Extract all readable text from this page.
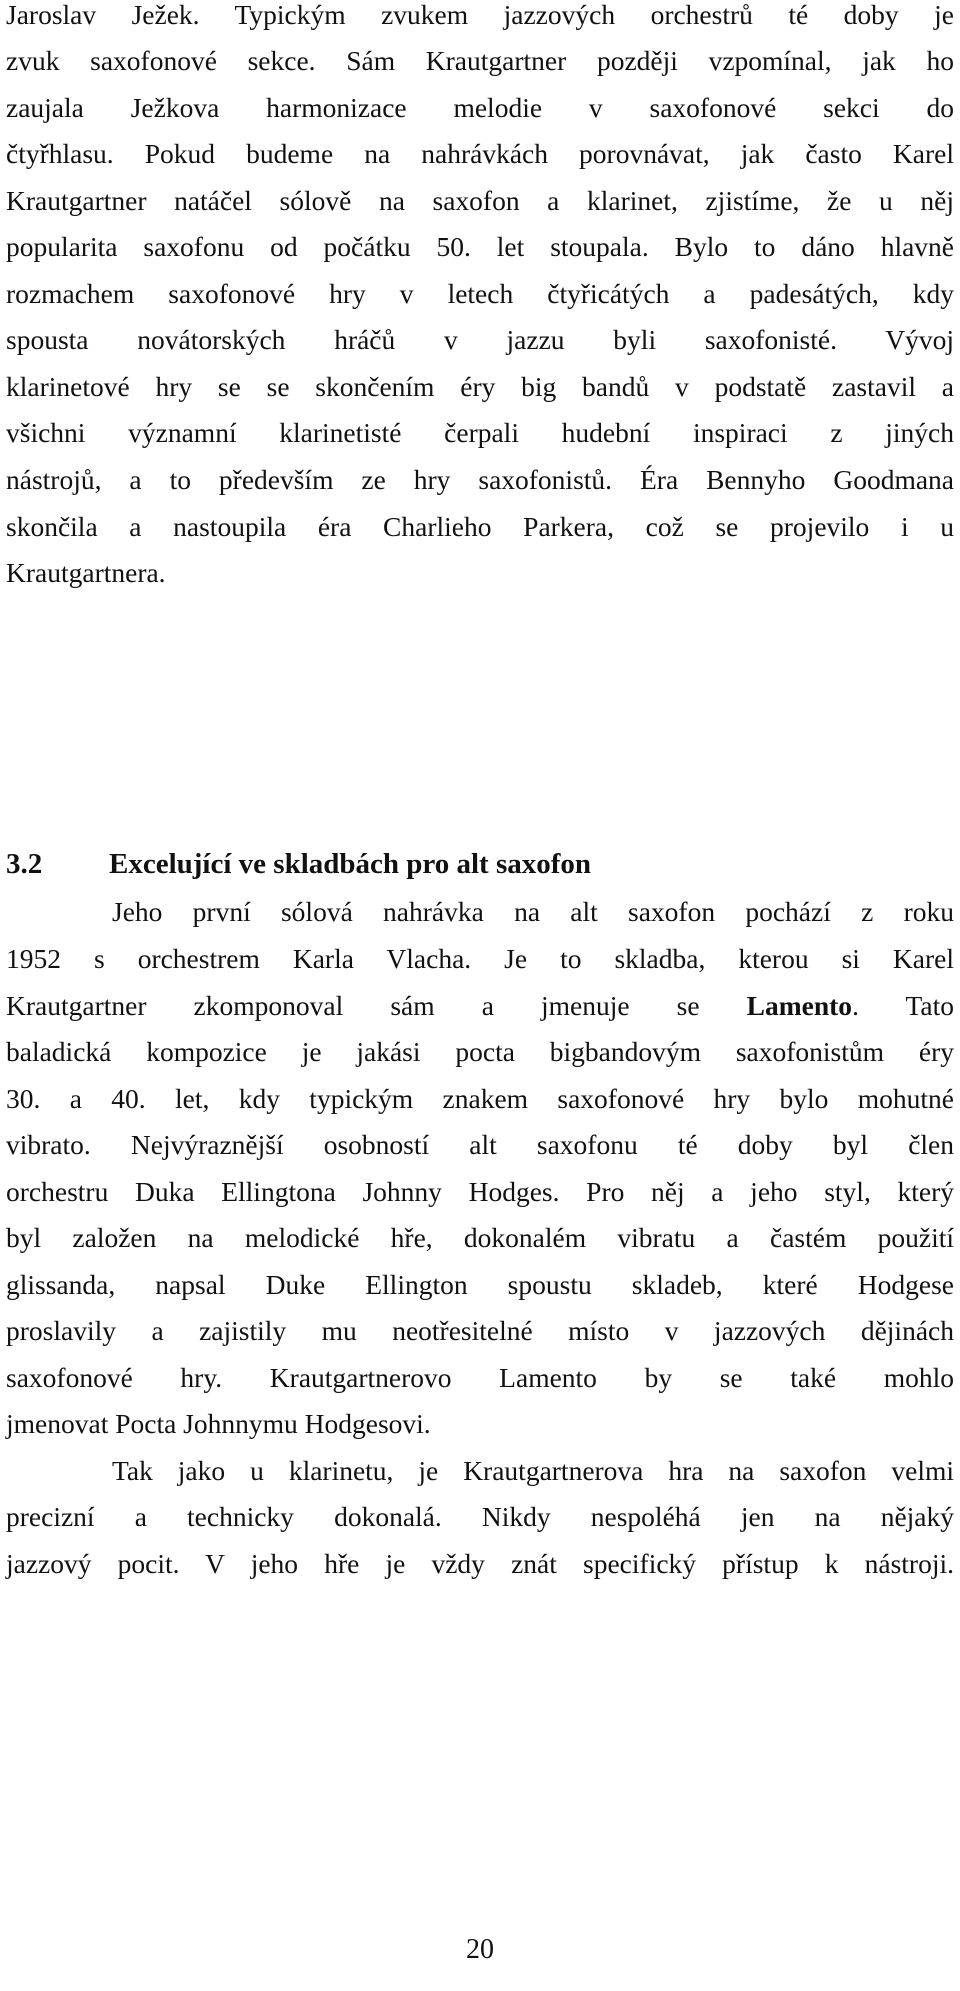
Jaroslav Ježek. Typickým zvukem jazzových orchestrů té doby je

zvuk saxofonové sekce. Sám Krautgartner později vzpomínal, jak ho

zaujala Ježkova harmonizace melodie v saxofonové sekci do

čtyřhlasu. Pokud budeme na nahrávkách porovnávat, jak často Karel

Krautgartner natáčel sólově na saxofon a klarinet, zjistíme, že u něj

popularita saxofonu od počátku 50. let stoupala. Bylo to dáno hlavně

rozmachem saxofonové hry v letech čtyřicátých a padesátých, kdy

spousta novátorských hráčů v jazzu byli saxofonisté. Vývoj

klarinetové hry se se skončením éry big bandů v podstatě zastavil a

všichni významní klarinetisté čerpali hudební inspiraci z jiných

nástrojů, a to především ze hry saxofonistů. Éra Bennyho Goodmana

skončila a nastoupila éra Charlieho Parkera, což se projevilo i u

Krautgartnera.

3.2 Excelující ve skladbách pro alt saxofon

Jeho první sólová nahrávka na alt saxofon pochází z roku

1952 s orchestrem Karla Vlacha. Je to skladba, kterou si Karel

Krautgartner zkomponoval sám a jmenuje se Lamento. Tato

baladická kompozice je jakási pocta bigbandovým saxofonistům éry

30. a 40. let, kdy typickým znakem saxofonové hry bylo mohutné

vibrato. Nejvýraznější osobností alt saxofonu té doby byl člen

orchestru Duka Ellingtona Johnny Hodges. Pro něj a jeho styl, který

byl založen na melodické hře, dokonalém vibratu a častém použití

glissanda, napsal Duke Ellington spoustu skladeb, které Hodgese

proslavily a zajistily mu neotřesitelné místo v jazzových dějinách

saxofonové hry. Krautgartnerovo Lamento by se také mohlo

jmenovat Pocta Johnnymu Hodgesovi.

Tak jako u klarinetu, je Krautgartnerova hra na saxofon velmi

precizní a technicky dokonalá. Nikdy nespoléhá jen na nějaký

jazzový pocit. V jeho hře je vždy znát specifický přístup k nástroji.

20
